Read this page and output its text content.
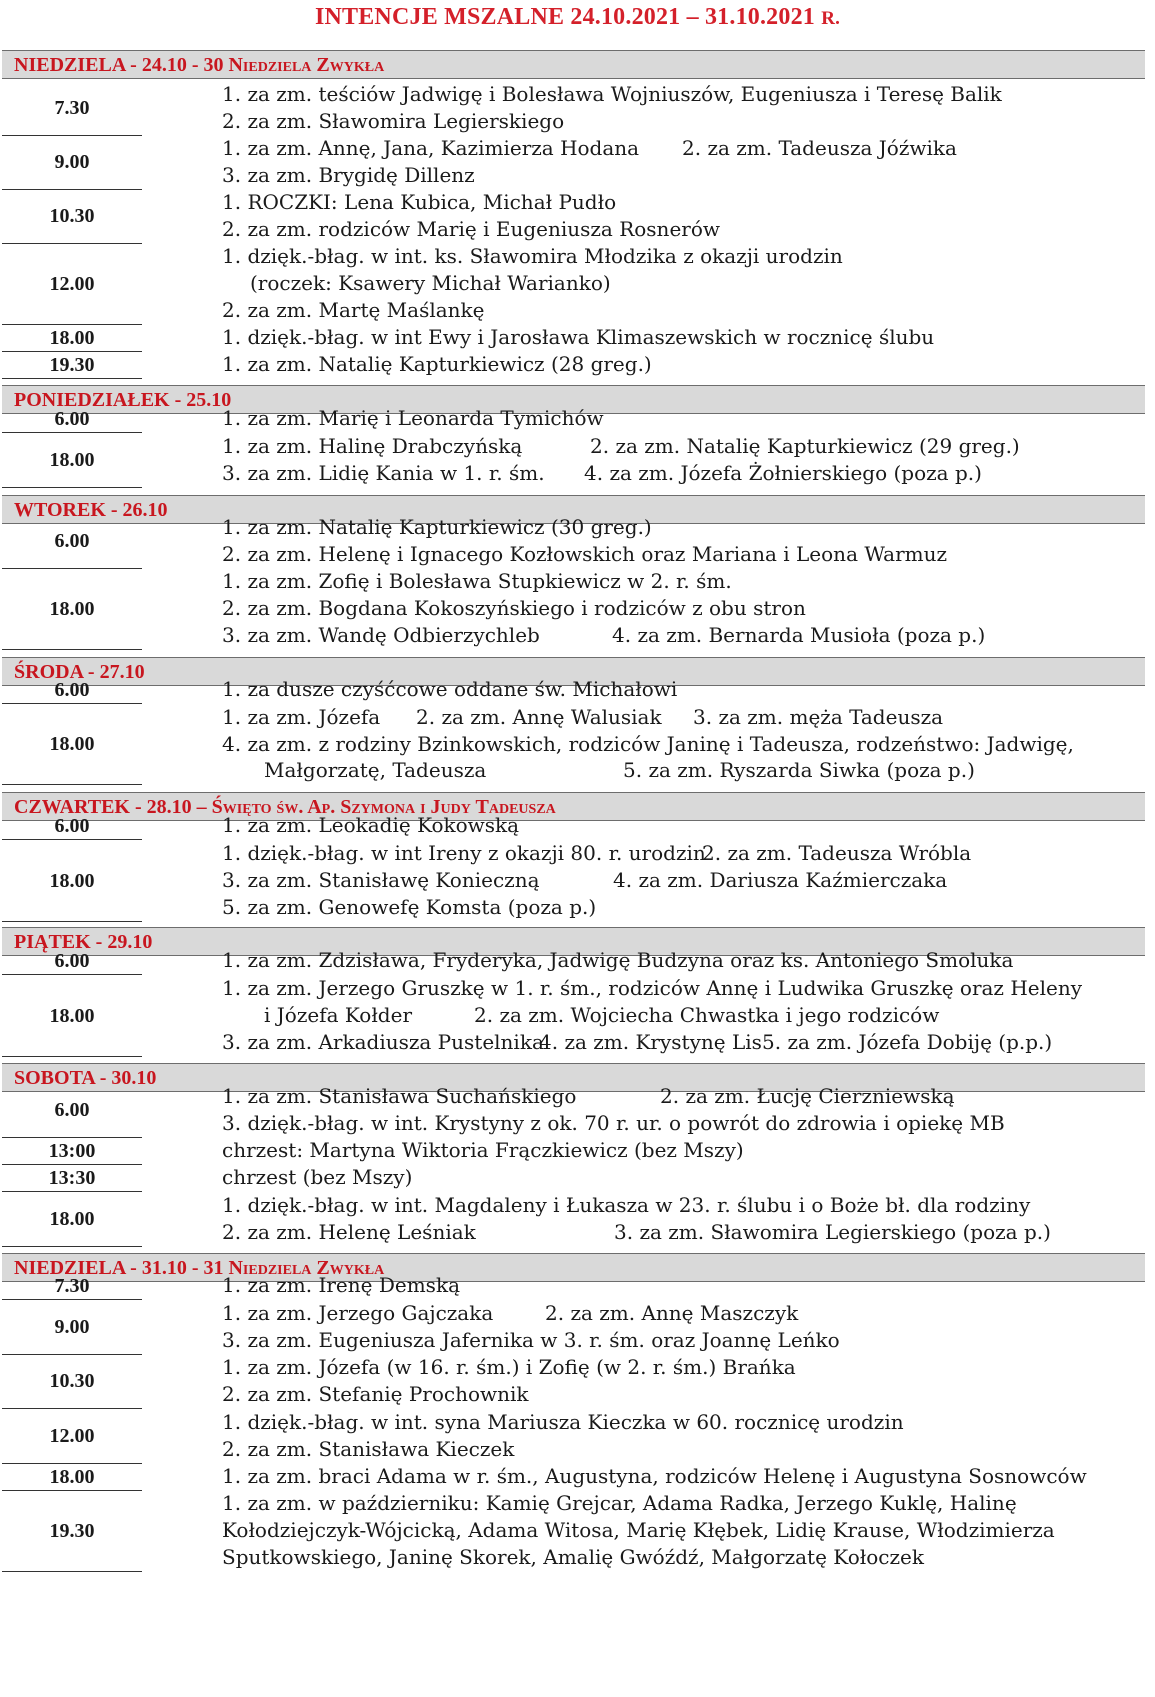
INTENCJE MSZALNE 24.10.2021 – 31.10.2021 R.
NIEDZIELA - 24.10 - 30 Niedziela Zwykła
7.30
1. za zm. teściów Jadwigę i Bolesława Wojniuszów, Eugeniusza i Teresę Balik
2. za zm. Sławomira Legierskiego
9.00
1. za zm. Annę, Jana, Kazimierza Hodana 2. za zm. Tadeusza Jóźwika
3. za zm. Brygidę Dillenz
10.30
1. ROCZKI: Lena Kubica, Michał Pudło
2. za zm. rodziców Marię i Eugeniusza Rosnerów
12.00
1. dzięk.-błag. w int. ks. Sławomira Młodzika z okazji urodzin
(roczek: Ksawery Michał Warianko)
2. za zm. Martę Maślankę
18.00	1. dzięk.-błag. w int Ewy i Jarosława Klimaszewskich w rocznicę ślubu
19.30	1. za zm. Natalię Kapturkiewicz (28 greg.)
PONIEDZIAŁEK - 25.10
6.00	1. za zm. Marię i Leonarda Tymichów
18.00
1. za zm. Halinę Drabczyńską	2. za zm. Natalię Kapturkiewicz (29 greg.)
3. za zm. Lidię Kania w 1. r. śm. 4. za zm. Józefa Żołnierskiego (poza p.)
WTOREK - 26.10
6.00
1. za zm. Natalię Kapturkiewicz (30 greg.)
2. za zm. Helenę i Ignacego Kozłowskich oraz Mariana i Leona Warmuz
18.00
1. za zm. Zofię i Bolesława Stupkiewicz w 2. r. śm.
2. za zm. Bogdana Kokoszyńskiego i rodziców z obu stron
3. za zm. Wandę Odbierzychleb	4. za zm. Bernarda Musioła (poza p.)
ŚRODA - 27.10
6.00	1. za dusze czyśćcowe oddane św. Michałowi
18.00
1. za zm. Józefa 2. za zm. Annę Walusiak 3. za zm. męża Tadeusza
4. za zm. z rodziny Bzinkowskich, rodziców Janinę i Tadeusza, rodzeństwo: Jadwigę,
Małgorzatę, Tadeusza	5. za zm. Ryszarda Siwka (poza p.)
CZWARTEK - 28.10 – Święto św. Ap. Szymona i Judy Tadeusza
6.00	1. za zm. Leokadię Kokowską
18.00
1. dzięk.-błag. w int Ireny z okazji 80. r. urodzin
2. za zm. Tadeusza Wróbla
3. za zm. Stanisławę Konieczną	4. za zm. Dariusza Kaźmierczaka
5. za zm. Genowefę Komsta (poza p.)
PIĄTEK - 29.10
6.00	1. za zm. Zdzisława, Fryderyka, Jadwigę Budzyna oraz ks. Antoniego Smoluka
18.00
1. za zm. Jerzego Gruszkę w 1. r. śm., rodziców Annę i Ludwika Gruszkę oraz Heleny
i Józefa Kołder	2. za zm. Wojciecha Chwastka i jego rodziców
3. za zm. Arkadiusza Pustelnika
4. za zm. Krystynę Lis 5. za zm. Józefa Dobiję (p.p.)
SOBOTA - 30.10
6.00
1. za zm. Stanisława Suchańskiego	2. za zm. Łucję Cierzniewską
3. dzięk.-błag. w int. Krystyny z ok. 70 r. ur. o powrót do zdrowia i opiekę MB
13:00	chrzest: Martyna Wiktoria Frączkiewicz (bez Mszy)
13:30	chrzest (bez Mszy)
18.00
1. dzięk.-błag. w int. Magdaleny i Łukasza w 23. r. ślubu i o Boże bł. dla rodziny
2. za zm. Helenę Leśniak	3. za zm. Sławomira Legierskiego (poza p.)
NIEDZIELA - 31.10 - 31 Niedziela Zwykła
7.30	1. za zm. Irenę Demską
9.00
1. za zm. Jerzego Gajczaka	2. za zm. Annę Maszczyk
3. za zm. Eugeniusza Jafernika w 3. r. śm. oraz Joannę Leńko
10.30
1. za zm. Józefa (w 16. r. śm.) i Zofię (w 2. r. śm.) Brańka
2. za zm. Stefanię Prochownik
12.00
1. dzięk.-błag. w int. syna Mariusza Kieczka w 60. rocznicę urodzin
2. za zm. Stanisława Kieczek
18.00	1. za zm. braci Adama w r. śm., Augustyna, rodziców Helenę i Augustyna Sosnowców
19.30
1. za zm. w październiku: Kamię Grejcar, Adama Radka, Jerzego Kuklę, Halinę
Kołodziejczyk-Wójcicką, Adama Witosa, Marię Kłębek, Lidię Krause, Włodzimierza
Sputkowskiego, Janinę Skorek, Amalię Gwóźdź, Małgorzatę Kołoczek
